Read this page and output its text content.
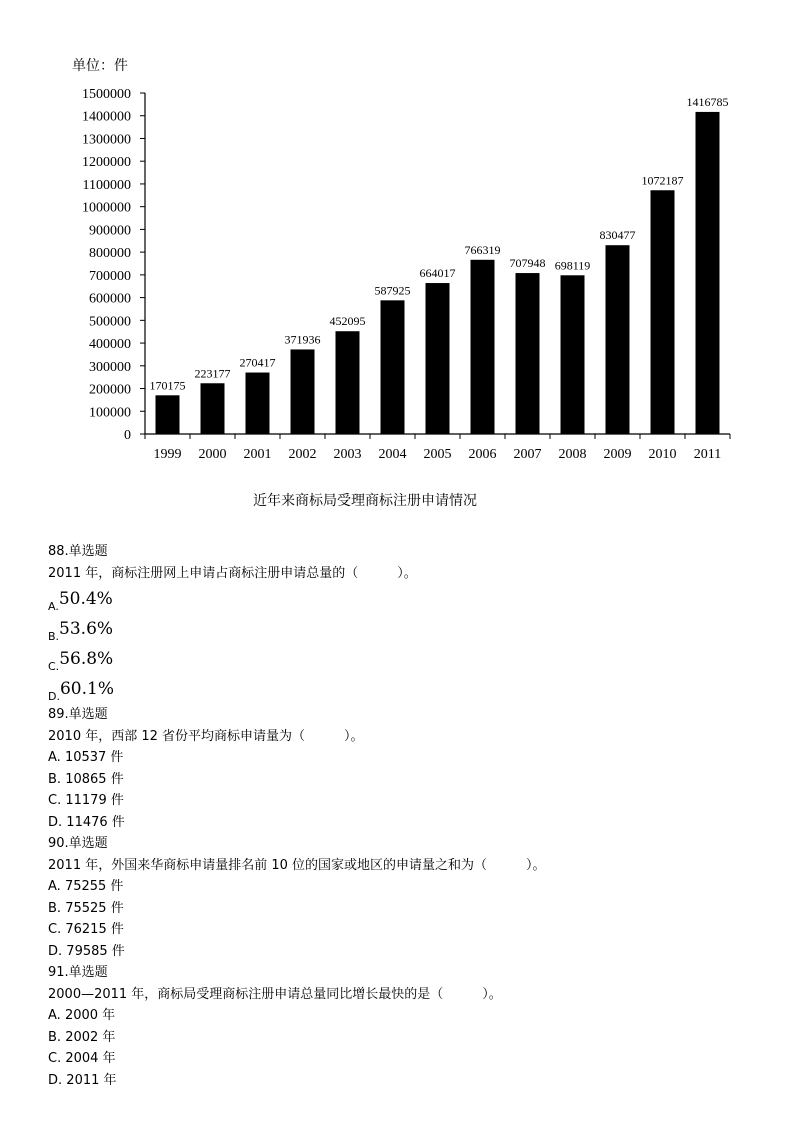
单位：件
0
100000
200000
300000
400000
500000
600000
700000
800000
900000
1000000
1100000
1200000
1300000
1400000
1500000
170175
1999
223177
2000
270417
2001
371936
2002
452095
2003
587925
2004
664017
2005
766319
2006
707948
2007
698119
2008
830477
2009
1072187
2010
1416785
2011
近年来商标局受理商标注册申请情况
88.单选题
2011 年，商标注册网上申请占商标注册申请总量的（　　　）。
$_{A.}$50.4%
$_{B.}$53.6%
$_{C.}$56.8%
$_{D.}$60.1%
89.单选题
2010 年，西部 12 省份平均商标申请量为（　　　）。
A. 10537 件
B. 10865 件
C. 11179 件
D. 11476 件
90.单选题
2011 年，外国来华商标申请量排名前 10 位的国家或地区的申请量之和为（　　　）。
A. 75255 件
B. 75525 件
C. 76215 件
D. 79585 件
91.单选题
2000—2011 年，商标局受理商标注册申请总量同比增长最快的是（　　　）。
A. 2000 年
B. 2002 年
C. 2004 年
D. 2011 年
